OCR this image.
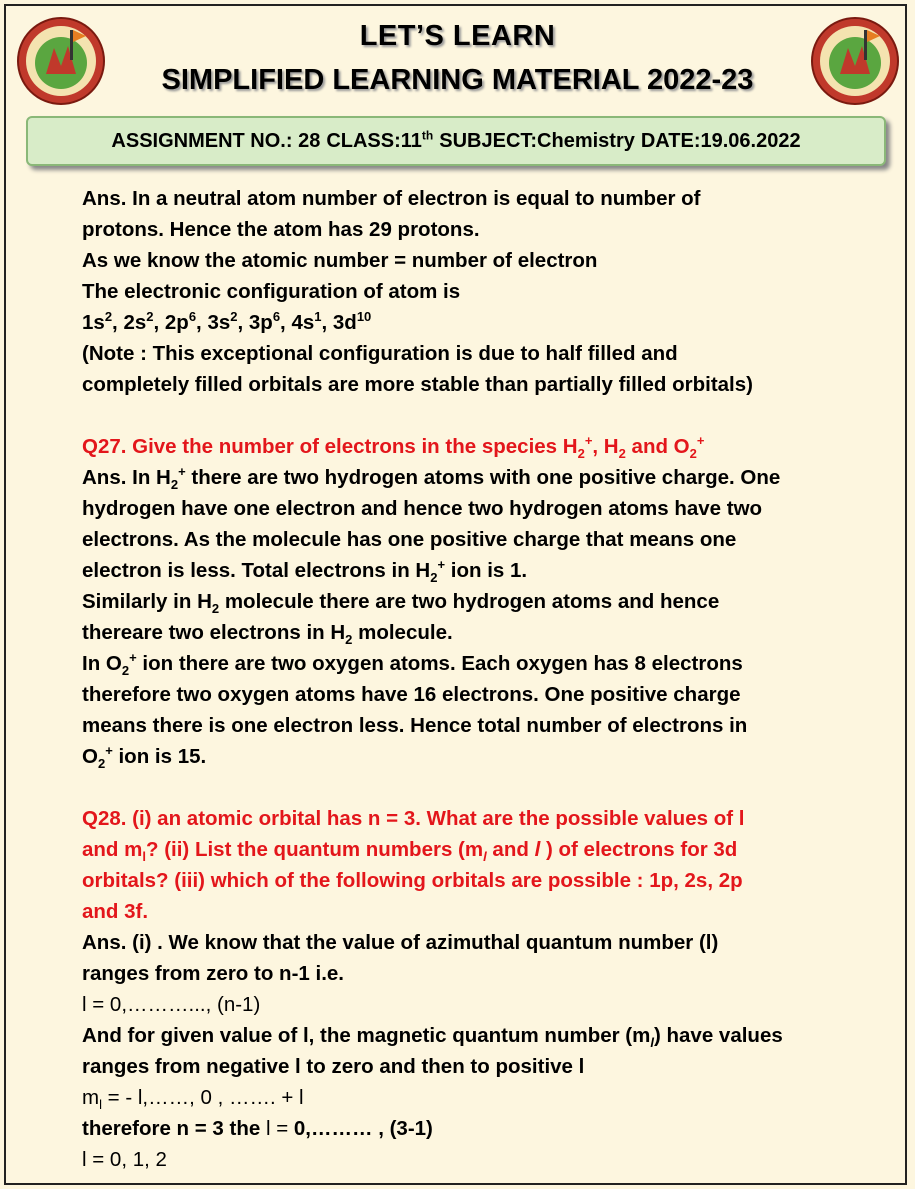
LET’S LEARN
SIMPLIFIED LEARNING MATERIAL 2022-23
ASSIGNMENT NO.: 28 CLASS:11th SUBJECT:Chemistry DATE:19.06.2022

Ans. In a neutral atom number of electron is equal to number of

protons. Hence the atom has 29 protons.

As we know the atomic number = number of electron

The electronic configuration of atom is

$1s^2$, $2s^2$, $2p^6$, $3s^2$, $3p^6$, $4s^1$, $3d^{10}$

(Note : This exceptional configuration is due to half filled and

completely filled orbitals are more stable than partially filled orbitals)

Q27. Give the number of electrons in the species $H_2^+$, $H_2$ and $O_2^+$

Ans. In $H_2^+$ there are two hydrogen atoms with one positive charge. One

hydrogen have one electron and hence two hydrogen atoms have two

electrons. As the molecule has one positive charge that means one

electron is less. Total electrons in $H_2^+$ ion is 1.

Similarly in $H_2$ molecule there are two hydrogen atoms and hence

thereare two electrons in $H_2$ molecule.

In $O_2^+$ ion there are two oxygen atoms. Each oxygen has 8 electrons

therefore two oxygen atoms have 16 electrons. One positive charge

means there is one electron less. Hence total number of electrons in

$O_2^+$ ion is 15.

Q28. (i) an atomic orbital has n = 3. What are the possible values of l

and $m_l$? (ii) List the quantum numbers ($m_l$ and l ) of electrons for 3d

orbitals? (iii) which of the following orbitals are possible : 1p, 2s, 2p

and 3f.

Ans. (i) . We know that the value of azimuthal quantum number (l)

ranges from zero to n-1 i.e.

l = 0,………..., (n-1)

And for given value of l, the magnetic quantum number $(m_l)$ have values

ranges from negative l to zero and then to positive l

$m_l$ = - l,……, 0 , ……. + l

therefore n = 3 the l = 0,……… , (3-1)

l = 0, 1, 2
